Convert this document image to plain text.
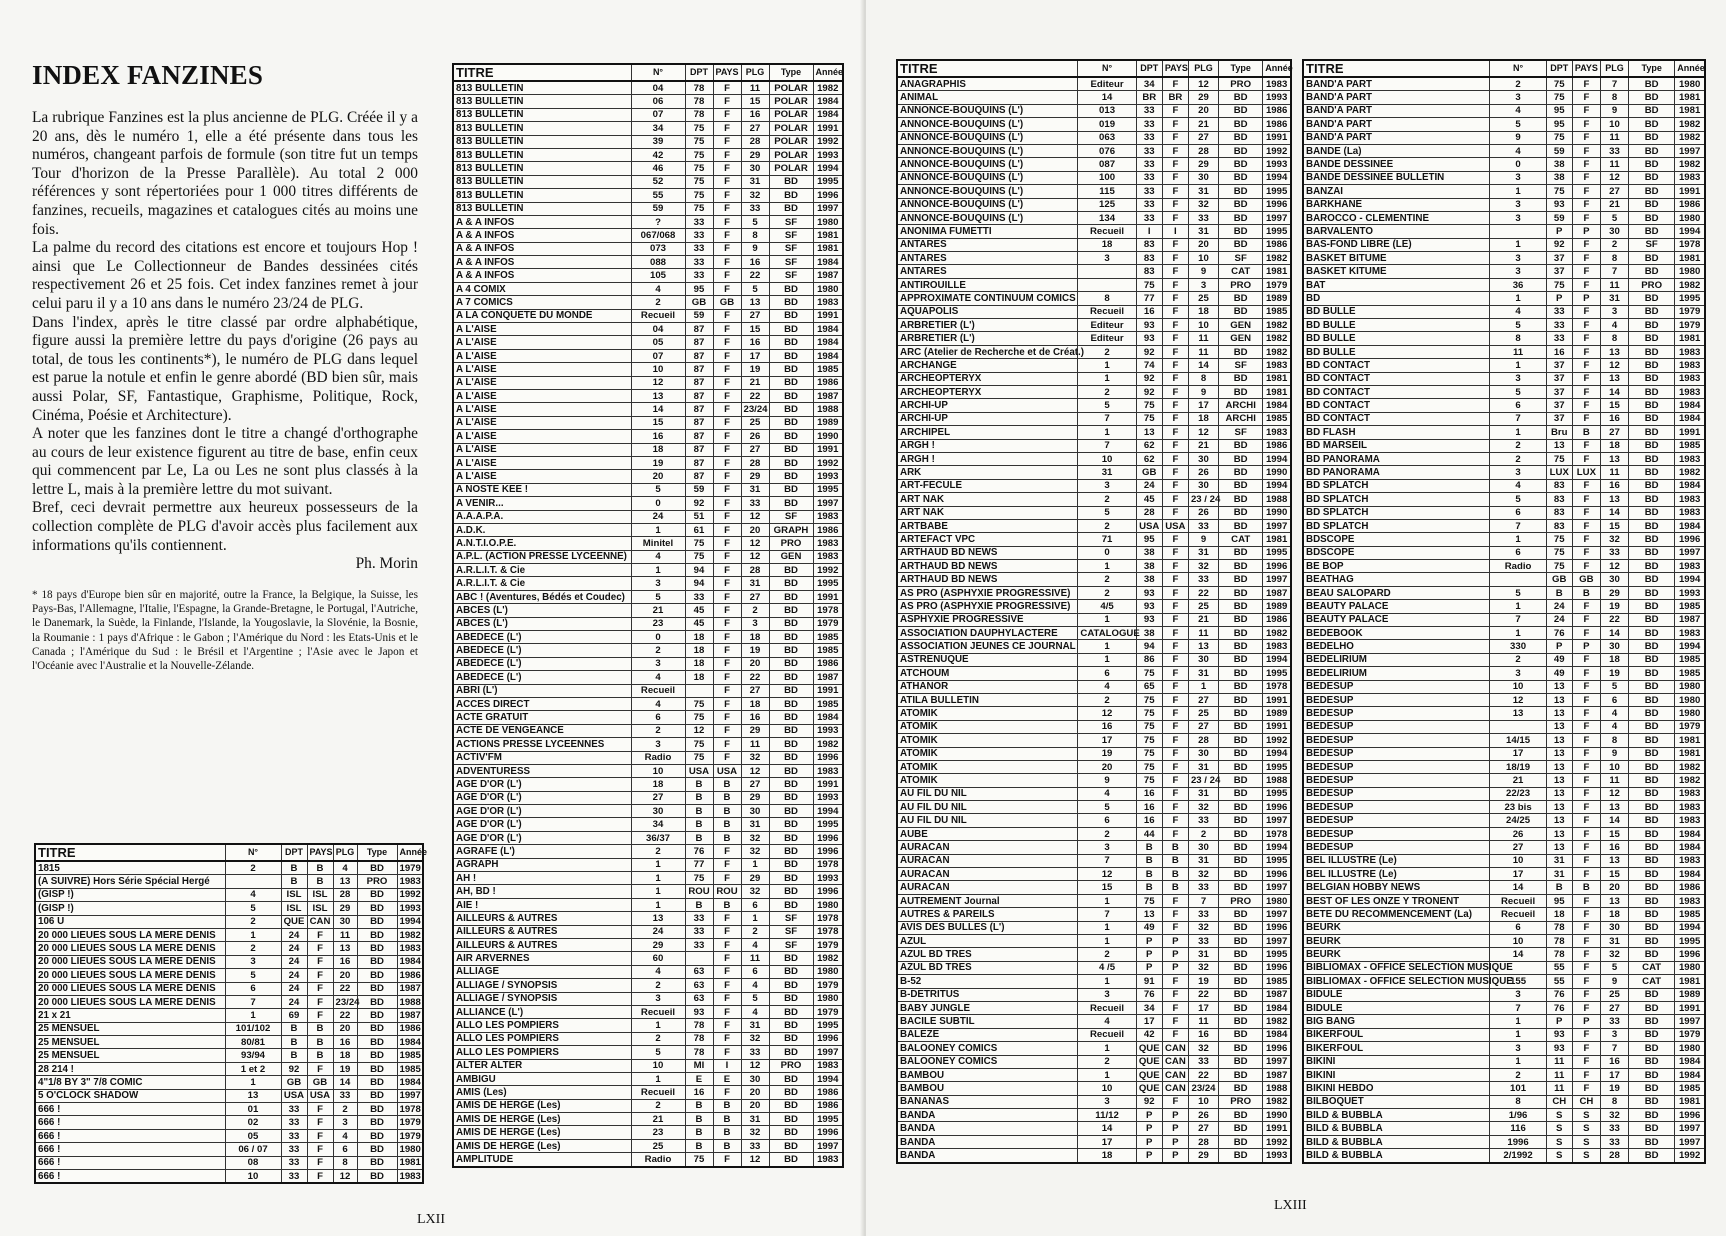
INDEX FANZINES

La rubrique Fanzines est la plus ancienne de PLG. Créée il y a 20 ans, dès le numéro 1, elle a été présente dans tous les numéros, changeant parfois de formule (son titre fut un temps Tour d'horizon de la Presse Parallèle). Au total 2 000 références y sont répertoriées pour 1 000 titres différents de fanzines, recueils, magazines et catalogues cités au moins une fois.

La palme du record des citations est encore et toujours Hop ! ainsi que Le Collectionneur de Bandes dessinées cités respectivement 26 et 25 fois. Cet index fanzines remet à jour celui paru il y a 10 ans dans le numéro 23/24 de PLG.

Dans l'index, après le titre classé par ordre alphabétique, figure aussi la première lettre du pays d'origine (26 pays au total, de tous les continents*), le numéro de PLG dans lequel est parue la notule et enfin le genre abordé (BD bien sûr, mais aussi Polar, SF, Fantastique, Graphisme, Politique, Rock, Cinéma, Poésie et Architecture).

A noter que les fanzines dont le titre a changé d'orthographe au cours de leur existence figurent au titre de base, enfin ceux qui commencent par Le, La ou Les ne sont plus classés à la lettre L, mais à la première lettre du mot suivant.

Bref, ceci devrait permettre aux heureux possesseurs de la collection complète de PLG d'avoir accès plus facilement aux informations qu'ils contiennent.

Ph. Morin

* 18 pays d'Europe bien sûr en majorité, outre la France, la Belgique, la Suisse, les Pays-Bas, l'Allemagne, l'Italie, l'Espagne, la Grande-Bretagne, le Portugal, l'Autriche, le Danemark, la Suède, la Finlande, l'Islande, la Yougoslavie, la Slovénie, la Bosnie, la Roumanie : 1 pays d'Afrique : le Gabon ; l'Amérique du Nord : les Etats-Unis et le Canada ; l'Amérique du Sud : le Brésil et l'Argentine ; l'Asie avec le Japon et l'Océanie avec l'Australie et la Nouvelle-Zélande.

TITRE	N°	DPT	PAYS	PLG	Type	Année
1815	2	B	B	4	BD	1979
(A SUIVRE) Hors Série Spécial Hergé		B	B	13	PRO	1983
(GISP !)	4	ISL	ISL	28	BD	1992
(GISP !)	5	ISL	ISL	29	BD	1993
106 U	2	QUE	CAN	30	BD	1994
20 000 LIEUES SOUS LA MERE DENIS	1	24	F	11	BD	1982
20 000 LIEUES SOUS LA MERE DENIS	2	24	F	13	BD	1983
20 000 LIEUES SOUS LA MERE DENIS	3	24	F	16	BD	1984
20 000 LIEUES SOUS LA MERE DENIS	5	24	F	20	BD	1986
20 000 LIEUES SOUS LA MERE DENIS	6	24	F	22	BD	1987
20 000 LIEUES SOUS LA MERE DENIS	7	24	F	23/24	BD	1988
21 x 21	1	69	F	22	BD	1987
25 MENSUEL	101/102	B	B	20	BD	1986
25 MENSUEL	80/81	B	B	16	BD	1984
25 MENSUEL	93/94	B	B	18	BD	1985
28 214 !	1 et 2	92	F	19	BD	1985
4"1/8 BY 3" 7/8 COMIC	1	GB	GB	14	BD	1984
5 O'CLOCK SHADOW	13	USA	USA	33	BD	1997
666 !	01	33	F	2	BD	1978
666 !	02	33	F	3	BD	1979
666 !	05	33	F	4	BD	1979
666 !	06 / 07	33	F	6	BD	1980
666 !	08	33	F	8	BD	1981
666 !	10	33	F	12	BD	1983
TITRE	N°	DPT	PAYS	PLG	Type	Année
813 BULLETIN	04	78	F	11	POLAR	1982
813 BULLETIN	06	78	F	15	POLAR	1984
813 BULLETIN	07	78	F	16	POLAR	1984
813 BULLETIN	34	75	F	27	POLAR	1991
813 BULLETIN	39	75	F	28	POLAR	1992
813 BULLETIN	42	75	F	29	POLAR	1993
813 BULLETIN	46	75	F	30	POLAR	1994
813 BULLETIN	52	75	F	31	BD	1995
813 BULLETIN	55	75	F	32	BD	1996
813 BULLETIN	59	75	F	33	BD	1997
A & A INFOS	?	33	F	5	SF	1980
A & A INFOS	067/068	33	F	8	SF	1981
A & A INFOS	073	33	F	9	SF	1981
A & A INFOS	088	33	F	16	SF	1984
A & A INFOS	105	33	F	22	SF	1987
A 4 COMIX	4	95	F	5	BD	1980
A 7 COMICS	2	GB	GB	13	BD	1983
A LA CONQUETE DU MONDE	Recueil	59	F	27	BD	1991
A L'AISE	04	87	F	15	BD	1984
A L'AISE	05	87	F	16	BD	1984
A L'AISE	07	87	F	17	BD	1984
A L'AISE	10	87	F	19	BD	1985
A L'AISE	12	87	F	21	BD	1986
A L'AISE	13	87	F	22	BD	1987
A L'AISE	14	87	F	23/24	BD	1988
A L'AISE	15	87	F	25	BD	1989
A L'AISE	16	87	F	26	BD	1990
A L'AISE	18	87	F	27	BD	1991
A L'AISE	19	87	F	28	BD	1992
A L'AISE	20	87	F	29	BD	1993
A NOSTE KEE !	5	59	F	31	BD	1995
A VENIR...	0	92	F	33	BD	1997
A.A.A.P.A.	24	51	F	12	SF	1983
A.D.K.	1	61	F	20	GRAPH	1986
A.N.T.I.O.P.E.	Minitel	75	F	12	PRO	1983
A.P.L. (ACTION PRESSE LYCEENNE)	4	75	F	12	GEN	1983
A.R.L.I.T. & Cie	1	94	F	28	BD	1992
A.R.L.I.T. & Cie	3	94	F	31	BD	1995
ABC ! (Aventures, Bédés et Coudec)	5	33	F	27	BD	1991
ABCES (L')	21	45	F	2	BD	1978
ABCES (L')	23	45	F	3	BD	1979
ABEDECE (L')	0	18	F	18	BD	1985
ABEDECE (L')	2	18	F	19	BD	1985
ABEDECE (L')	3	18	F	20	BD	1986
ABEDECE (L')	4	18	F	22	BD	1987
ABRI (L')	Recueil		F	27	BD	1991
ACCES DIRECT	4	75	F	18	BD	1985
ACTE GRATUIT	6	75	F	16	BD	1984
ACTE DE VENGEANCE	2	12	F	29	BD	1993
ACTIONS PRESSE LYCEENNES	3	75	F	11	BD	1982
ACTIV'FM	Radio	75	F	32	BD	1996
ADVENTURESS	10	USA	USA	12	BD	1983
AGE D'OR (L')	18	B	B	27	BD	1991
AGE D'OR (L')	27	B	B	29	BD	1993
AGE D'OR (L')	30	B	B	30	BD	1994
AGE D'OR (L')	34	B	B	31	BD	1995
AGE D'OR (L')	36/37	B	B	32	BD	1996
AGRAFE (L')	2	76	F	32	BD	1996
AGRAPH	1	77	F	1	BD	1978
AH !	1	75	F	29	BD	1993
AH, BD !	1	ROU	ROU	32	BD	1996
AIE !	1	B	B	6	BD	1980
AILLEURS & AUTRES	13	33	F	1	SF	1978
AILLEURS & AUTRES	24	33	F	2	SF	1978
AILLEURS & AUTRES	29	33	F	4	SF	1979
AIR ARVERNES	60		F	11	BD	1982
ALLIAGE	4	63	F	6	BD	1980
ALLIAGE / SYNOPSIS	2	63	F	4	BD	1979
ALLIAGE / SYNOPSIS	3	63	F	5	BD	1980
ALLIANCE (L')	Recueil	93	F	4	BD	1979
ALLO LES POMPIERS	1	78	F	31	BD	1995
ALLO LES POMPIERS	2	78	F	32	BD	1996
ALLO LES POMPIERS	5	78	F	33	BD	1997
ALTER ALTER	10	MI	I	12	PRO	1983
AMBIGU	1	E	E	30	BD	1994
AMIS (Les)	Recueil	16	F	20	BD	1986
AMIS DE HERGE (Les)	2	B	B	20	BD	1986
AMIS DE HERGE (Les)	21	B	B	31	BD	1995
AMIS DE HERGE (Les)	23	B	B	32	BD	1996
AMIS DE HERGE (Les)	25	B	B	33	BD	1997
AMPLITUDE	Radio	75	F	12	BD	1983
LXII
TITRE	N°	DPT	PAYS	PLG	Type	Année
ANAGRAPHIS	Editeur	34	F	12	PRO	1983
ANIMAL	14	BR	BR	29	BD	1993
ANNONCE-BOUQUINS (L')	013	33	F	20	BD	1986
ANNONCE-BOUQUINS (L')	019	33	F	21	BD	1986
ANNONCE-BOUQUINS (L')	063	33	F	27	BD	1991
ANNONCE-BOUQUINS (L')	076	33	F	28	BD	1992
ANNONCE-BOUQUINS (L')	087	33	F	29	BD	1993
ANNONCE-BOUQUINS (L')	100	33	F	30	BD	1994
ANNONCE-BOUQUINS (L')	115	33	F	31	BD	1995
ANNONCE-BOUQUINS (L')	125	33	F	32	BD	1996
ANNONCE-BOUQUINS (L')	134	33	F	33	BD	1997
ANONIMA FUMETTI	Recueil	I	I	31	BD	1995
ANTARES	18	83	F	20	BD	1986
ANTARES	3	83	F	10	SF	1982
ANTARES		83	F	9	CAT	1981
ANTIROUILLE		75	F	3	PRO	1979
APPROXIMATE CONTINUUM COMICS	8	77	F	25	BD	1989
AQUAPOLIS	Recueil	16	F	18	BD	1985
ARBRETIER (L')	Editeur	93	F	10	GEN	1982
ARBRETIER (L')	Editeur	93	F	11	GEN	1982
ARC (Atelier de Recherche et de Créat.)	2	92	F	11	BD	1982
ARCHANGE	1	74	F	14	SF	1983
ARCHEOPTERYX	1	92	F	8	BD	1981
ARCHEOPTERYX	2	92	F	9	BD	1981
ARCHI-UP	5	75	F	17	ARCHI	1984
ARCHI-UP	7	75	F	18	ARCHI	1985
ARCHIPEL	1	13	F	12	SF	1983
ARGH !	7	62	F	21	BD	1986
ARGH !	10	62	F	30	BD	1994
ARK	31	GB	F	26	BD	1990
ART-FECULE	3	24	F	30	BD	1994
ART NAK	2	45	F	23 / 24	BD	1988
ART NAK	5	28	F	26	BD	1990
ARTBABE	2	USA	USA	33	BD	1997
ARTEFACT VPC	71	95	F	9	CAT	1981
ARTHAUD BD NEWS	0	38	F	31	BD	1995
ARTHAUD BD NEWS	1	38	F	32	BD	1996
ARTHAUD BD NEWS	2	38	F	33	BD	1997
AS PRO (ASPHYXIE PROGRESSIVE)	2	93	F	22	BD	1987
AS PRO (ASPHYXIE PROGRESSIVE)	4/5	93	F	25	BD	1989
ASPHYXIE PROGRESSIVE	1	93	F	21	BD	1986
ASSOCIATION DAUPHYLACTERE	CATALOGUE	38	F	11	BD	1982
ASSOCIATION JEUNES CE JOURNAL	1	94	F	13	BD	1983
ASTRENUQUE	1	86	F	30	BD	1994
ATCHOUM	6	75	F	31	BD	1995
ATHANOR	4	65	F	1	BD	1978
ATILA BULLETIN	2	75	F	27	BD	1991
ATOMIK	12	75	F	25	BD	1989
ATOMIK	16	75	F	27	BD	1991
ATOMIK	17	75	F	28	BD	1992
ATOMIK	19	75	F	30	BD	1994
ATOMIK	20	75	F	31	BD	1995
ATOMIK	9	75	F	23 / 24	BD	1988
AU FIL DU NIL	4	16	F	31	BD	1995
AU FIL DU NIL	5	16	F	32	BD	1996
AU FIL DU NIL	6	16	F	33	BD	1997
AUBE	2	44	F	2	BD	1978
AURACAN	3	B	B	30	BD	1994
AURACAN	7	B	B	31	BD	1995
AURACAN	12	B	B	32	BD	1996
AURACAN	15	B	B	33	BD	1997
AUTREMENT Journal	1	75	F	7	PRO	1980
AUTRES & PAREILS	7	13	F	33	BD	1997
AVIS DES BULLES (L')	1	49	F	32	BD	1996
AZUL	1	P	P	33	BD	1997
AZUL BD TRES	2	P	P	31	BD	1995
AZUL BD TRES	4 /5	P	P	32	BD	1996
B-52	1	91	F	19	BD	1985
B-DETRITUS	3	76	F	22	BD	1987
BABY JUNGLE	Recueil	34	F	17	BD	1984
BACILE SUBTIL	4	17	F	11	BD	1982
BALEZE	Recueil	42	F	16	BD	1984
BALOONEY COMICS	1	QUE	CAN	32	BD	1996
BALOONEY COMICS	2	QUE	CAN	33	BD	1997
BAMBOU	1	QUE	CAN	22	BD	1987
BAMBOU	10	QUE	CAN	23/24	BD	1988
BANANAS	3	92	F	10	PRO	1982
BANDA	11/12	P	P	26	BD	1990
BANDA	14	P	P	27	BD	1991
BANDA	17	P	P	28	BD	1992
BANDA	18	P	P	29	BD	1993
TITRE	N°	DPT	PAYS	PLG	Type	Année
BAND'A PART	2	75	F	7	BD	1980
BAND'A PART	3	75	F	8	BD	1981
BAND'A PART	4	95	F	9	BD	1981
BAND'A PART	5	95	F	10	BD	1982
BAND'A PART	9	75	F	11	BD	1982
BANDE (La)	4	59	F	33	BD	1997
BANDE DESSINEE	0	38	F	11	BD	1982
BANDE DESSINEE BULLETIN	3	38	F	12	BD	1983
BANZAI	1	75	F	27	BD	1991
BARKHANE	3	93	F	21	BD	1986
BAROCCO - CLEMENTINE	3	59	F	5	BD	1980
BARVALENTO		P	P	30	BD	1994
BAS-FOND LIBRE (LE)	1	92	F	2	SF	1978
BASKET BITUME	3	37	F	8	BD	1981
BASKET KITUME	3	37	F	7	BD	1980
BAT	36	75	F	11	PRO	1982
BD	1	P	P	31	BD	1995
BD BULLE	4	33	F	3	BD	1979
BD BULLE	5	33	F	4	BD	1979
BD BULLE	8	33	F	8	BD	1981
BD BULLE	11	16	F	13	BD	1983
BD CONTACT	1	37	F	12	BD	1983
BD CONTACT	3	37	F	13	BD	1983
BD CONTACT	5	37	F	14	BD	1983
BD CONTACT	6	37	F	15	BD	1984
BD CONTACT	7	37	F	16	BD	1984
BD FLASH	1	Bru	B	27	BD	1991
BD MARSEIL	2	13	F	18	BD	1985
BD PANORAMA	2	75	F	13	BD	1983
BD PANORAMA	3	LUX	LUX	11	BD	1982
BD SPLATCH	4	83	F	16	BD	1984
BD SPLATCH	5	83	F	13	BD	1983
BD SPLATCH	6	83	F	14	BD	1983
BD SPLATCH	7	83	F	15	BD	1984
BDSCOPE	1	75	F	32	BD	1996
BDSCOPE	6	75	F	33	BD	1997
BE BOP	Radio	75	F	12	BD	1983
BEATHAG		GB	GB	30	BD	1994
BEAU SALOPARD	5	B	B	29	BD	1993
BEAUTY PALACE	1	24	F	19	BD	1985
BEAUTY PALACE	7	24	F	22	BD	1987
BEDEBOOK	1	76	F	14	BD	1983
BEDELHO	330	P	P	30	BD	1994
BEDELIRIUM	2	49	F	18	BD	1985
BEDELIRIUM	3	49	F	19	BD	1985
BEDESUP	10	13	F	5	BD	1980
BEDESUP	12	13	F	6	BD	1980
BEDESUP	13	13	F	4	BD	1980
BEDESUP		13	F	4	BD	1979
BEDESUP	14/15	13	F	8	BD	1981
BEDESUP	17	13	F	9	BD	1981
BEDESUP	18/19	13	F	10	BD	1982
BEDESUP	21	13	F	11	BD	1982
BEDESUP	22/23	13	F	12	BD	1983
BEDESUP	23 bis	13	F	13	BD	1983
BEDESUP	24/25	13	F	14	BD	1983
BEDESUP	26	13	F	15	BD	1984
BEDESUP	27	13	F	16	BD	1984
BEL ILLUSTRE (Le)	10	31	F	13	BD	1983
BEL ILLUSTRE (Le)	17	31	F	15	BD	1984
BELGIAN HOBBY NEWS	14	B	B	20	BD	1986
BEST OF LES ONZE Y TRONENT	Recueil	95	F	13	BD	1983
BETE DU RECOMMENCEMENT (La)	Recueil	18	F	18	BD	1985
BEURK	6	78	F	30	BD	1994
BEURK	10	78	F	31	BD	1995
BEURK	14	78	F	32	BD	1996
BIBLIOMAX - OFFICE SELECTION MUSIQUE		55	F	5	CAT	1980
BIBLIOMAX - OFFICE SELECTION MUSIQUE	155	55	F	9	CAT	1981
BIDULE	3	76	F	25	BD	1989
BIDULE	7	76	F	27	BD	1991
BIG BANG	1	P	P	33	BD	1997
BIKERFOUL	1	93	F	3	BD	1979
BIKERFOUL	3	93	F	7	BD	1980
BIKINI	1	11	F	16	BD	1984
BIKINI	2	11	F	17	BD	1984
BIKINI HEBDO	101	11	F	19	BD	1985
BILBOQUET	8	CH	CH	8	BD	1981
BILD & BUBBLA	1/96	S	S	32	BD	1996
BILD & BUBBLA	116	S	S	33	BD	1997
BILD & BUBBLA	1996	S	S	33	BD	1997
BILD & BUBBLA	2/1992	S	S	28	BD	1992
LXIII
